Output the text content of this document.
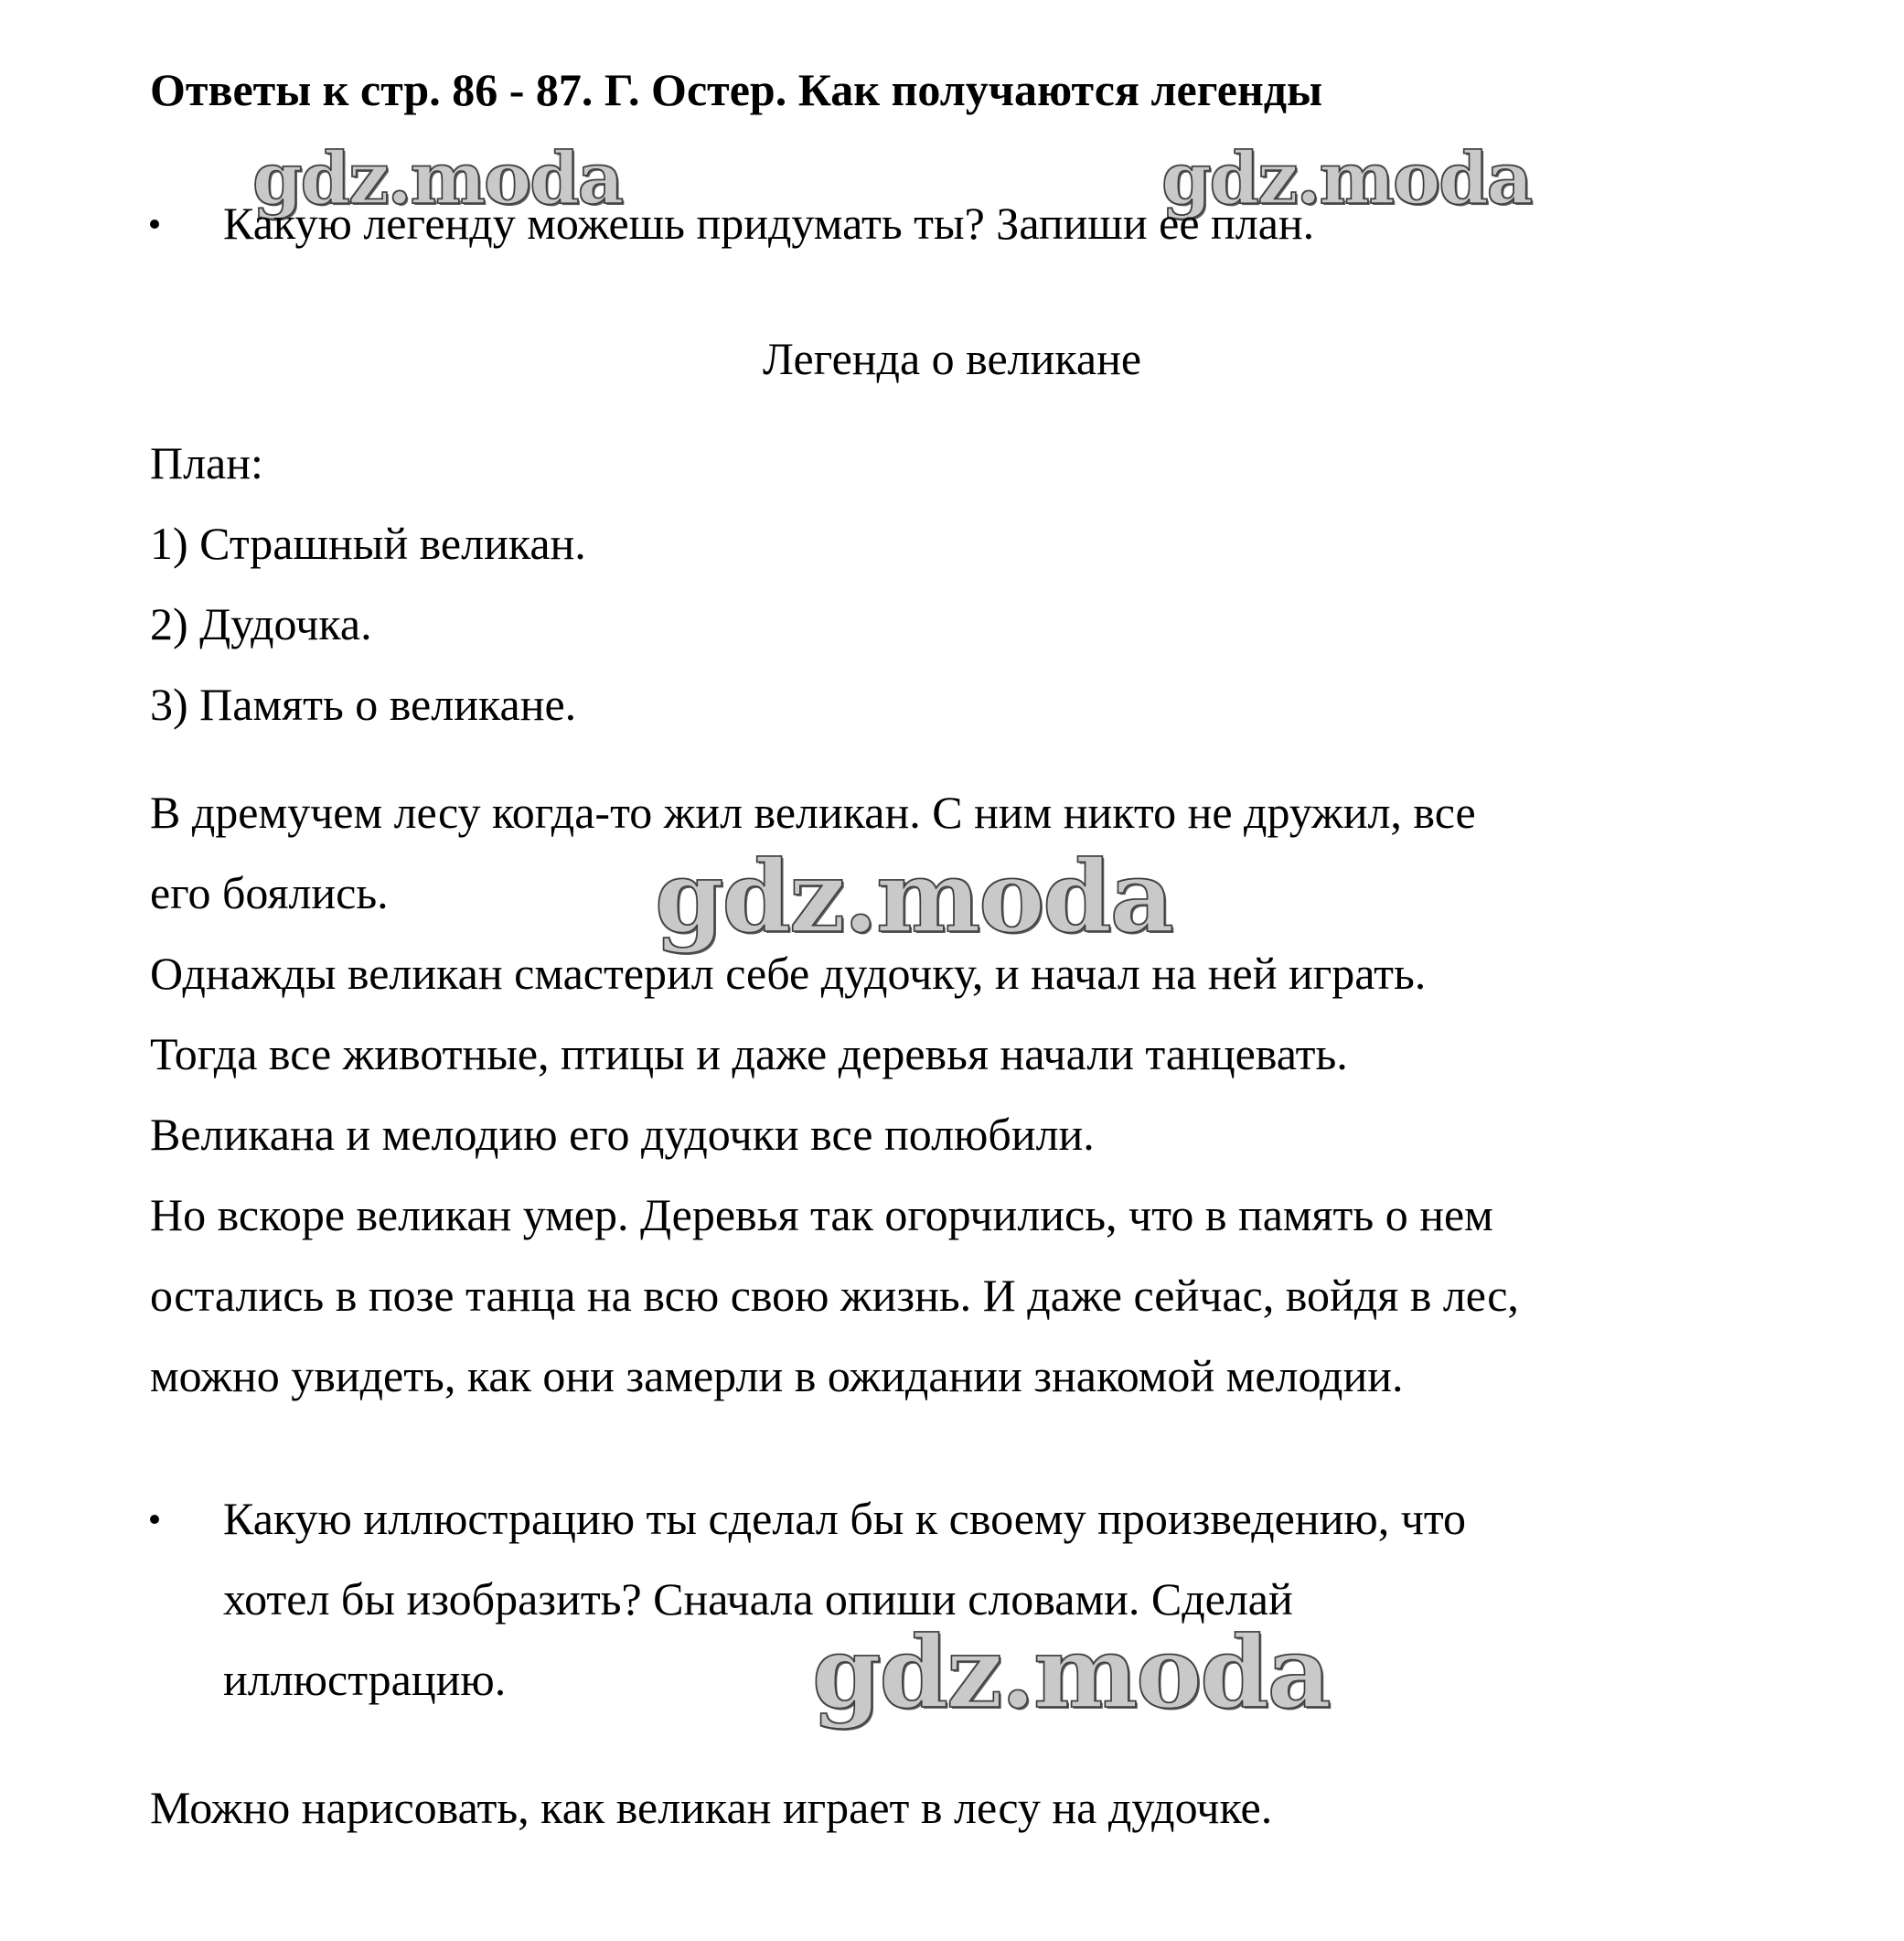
Ответы к стр. 86 - 87. Г. Остер. Как получаются легенды
gdz.moda	gdz.moda
gdz.moda
gdz.moda
Какую легенду можешь придумать ты? Запиши ее план.
Легенда о великане
План:
1) Страшный великан.
2) Дудочка.
3) Память о великане.
В дремучем лесу когда-то жил великан. С ним никто не дружил, все
его боялись.
Однажды великан смастерил себе дудочку, и начал на ней играть.
Тогда все животные, птицы и даже деревья начали танцевать.
Великана и мелодию его дудочки все полюбили.
Но вскоре великан умер. Деревья так огорчились, что в память о нем
остались в позе танца на всю свою жизнь. И даже сейчас, войдя в лес,
можно увидеть, как они замерли в ожидании знакомой мелодии.
Какую иллюстрацию ты сделал бы к своему произведению, что
хотел бы изобразить? Сначала опиши словами. Сделай
иллюстрацию.
Можно нарисовать, как великан играет в лесу на дудочке.
